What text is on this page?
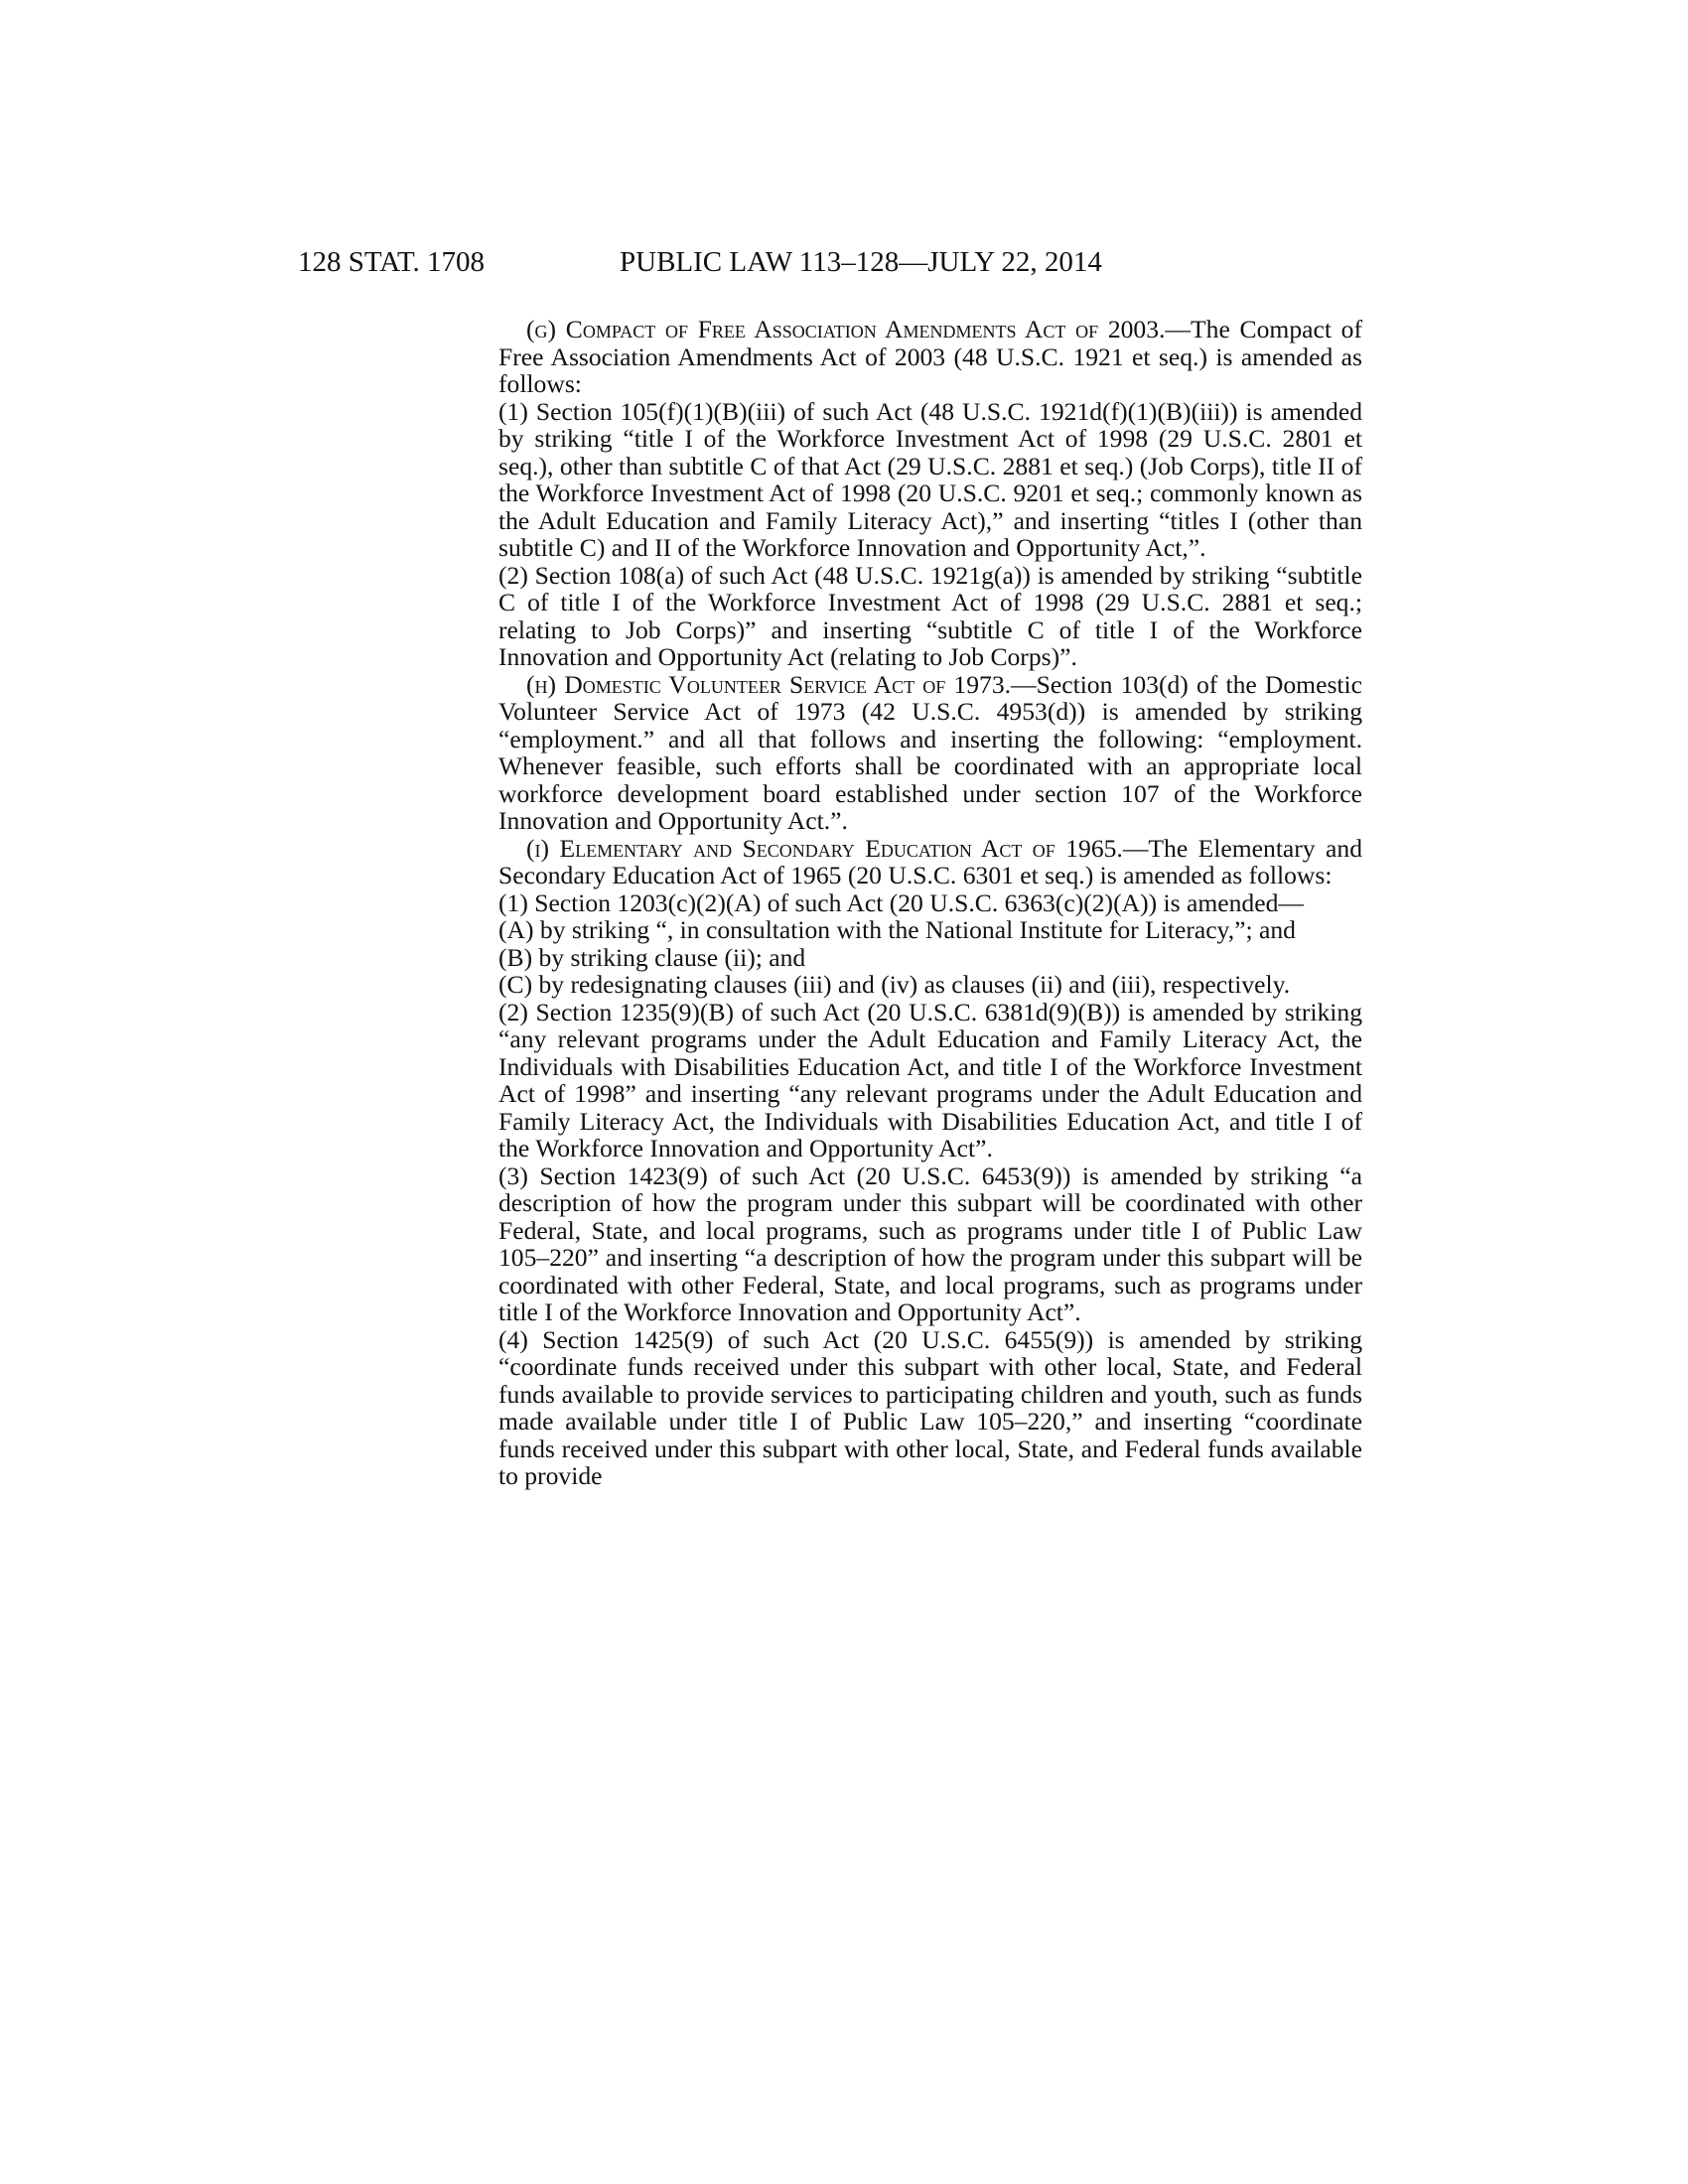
128 STAT. 1708	PUBLIC LAW 113–128—JULY 22, 2014

(g) Compact of Free Association Amendments Act of 2003.—The Compact of Free Association Amendments Act of 2003 (48 U.S.C. 1921 et seq.) is amended as follows:

(1) Section 105(f)(1)(B)(iii) of such Act (48 U.S.C. 1921d(f)(1)(B)(iii)) is amended by striking “title I of the Workforce Investment Act of 1998 (29 U.S.C. 2801 et seq.), other than subtitle C of that Act (29 U.S.C. 2881 et seq.) (Job Corps), title II of the Workforce Investment Act of 1998 (20 U.S.C. 9201 et seq.; commonly known as the Adult Education and Family Literacy Act),” and inserting “titles I (other than subtitle C) and II of the Workforce Innovation and Opportunity Act,”.

(2) Section 108(a) of such Act (48 U.S.C. 1921g(a)) is amended by striking “subtitle C of title I of the Workforce Investment Act of 1998 (29 U.S.C. 2881 et seq.; relating to Job Corps)” and inserting “subtitle C of title I of the Workforce Innovation and Opportunity Act (relating to Job Corps)”.

(h) Domestic Volunteer Service Act of 1973.—Section 103(d) of the Domestic Volunteer Service Act of 1973 (42 U.S.C. 4953(d)) is amended by striking “employment.” and all that follows and inserting the following: “employment. Whenever feasible, such efforts shall be coordinated with an appropriate local workforce development board established under section 107 of the Workforce Innovation and Opportunity Act.”.

(i) Elementary and Secondary Education Act of 1965.—The Elementary and Secondary Education Act of 1965 (20 U.S.C. 6301 et seq.) is amended as follows:

(1) Section 1203(c)(2)(A) of such Act (20 U.S.C. 6363(c)(2)(A)) is amended—

(A) by striking “, in consultation with the National Institute for Literacy,”; and

(B) by striking clause (ii); and

(C) by redesignating clauses (iii) and (iv) as clauses (ii) and (iii), respectively.

(2) Section 1235(9)(B) of such Act (20 U.S.C. 6381d(9)(B)) is amended by striking “any relevant programs under the Adult Education and Family Literacy Act, the Individuals with Disabilities Education Act, and title I of the Workforce Investment Act of 1998” and inserting “any relevant programs under the Adult Education and Family Literacy Act, the Individuals with Disabilities Education Act, and title I of the Workforce Innovation and Opportunity Act”.

(3) Section 1423(9) of such Act (20 U.S.C. 6453(9)) is amended by striking “a description of how the program under this subpart will be coordinated with other Federal, State, and local programs, such as programs under title I of Public Law 105–220” and inserting “a description of how the program under this subpart will be coordinated with other Federal, State, and local programs, such as programs under title I of the Workforce Innovation and Opportunity Act”.

(4) Section 1425(9) of such Act (20 U.S.C. 6455(9)) is amended by striking “coordinate funds received under this subpart with other local, State, and Federal funds available to provide services to participating children and youth, such as funds made available under title I of Public Law 105–220,” and inserting “coordinate funds received under this subpart with other local, State, and Federal funds available to provide
